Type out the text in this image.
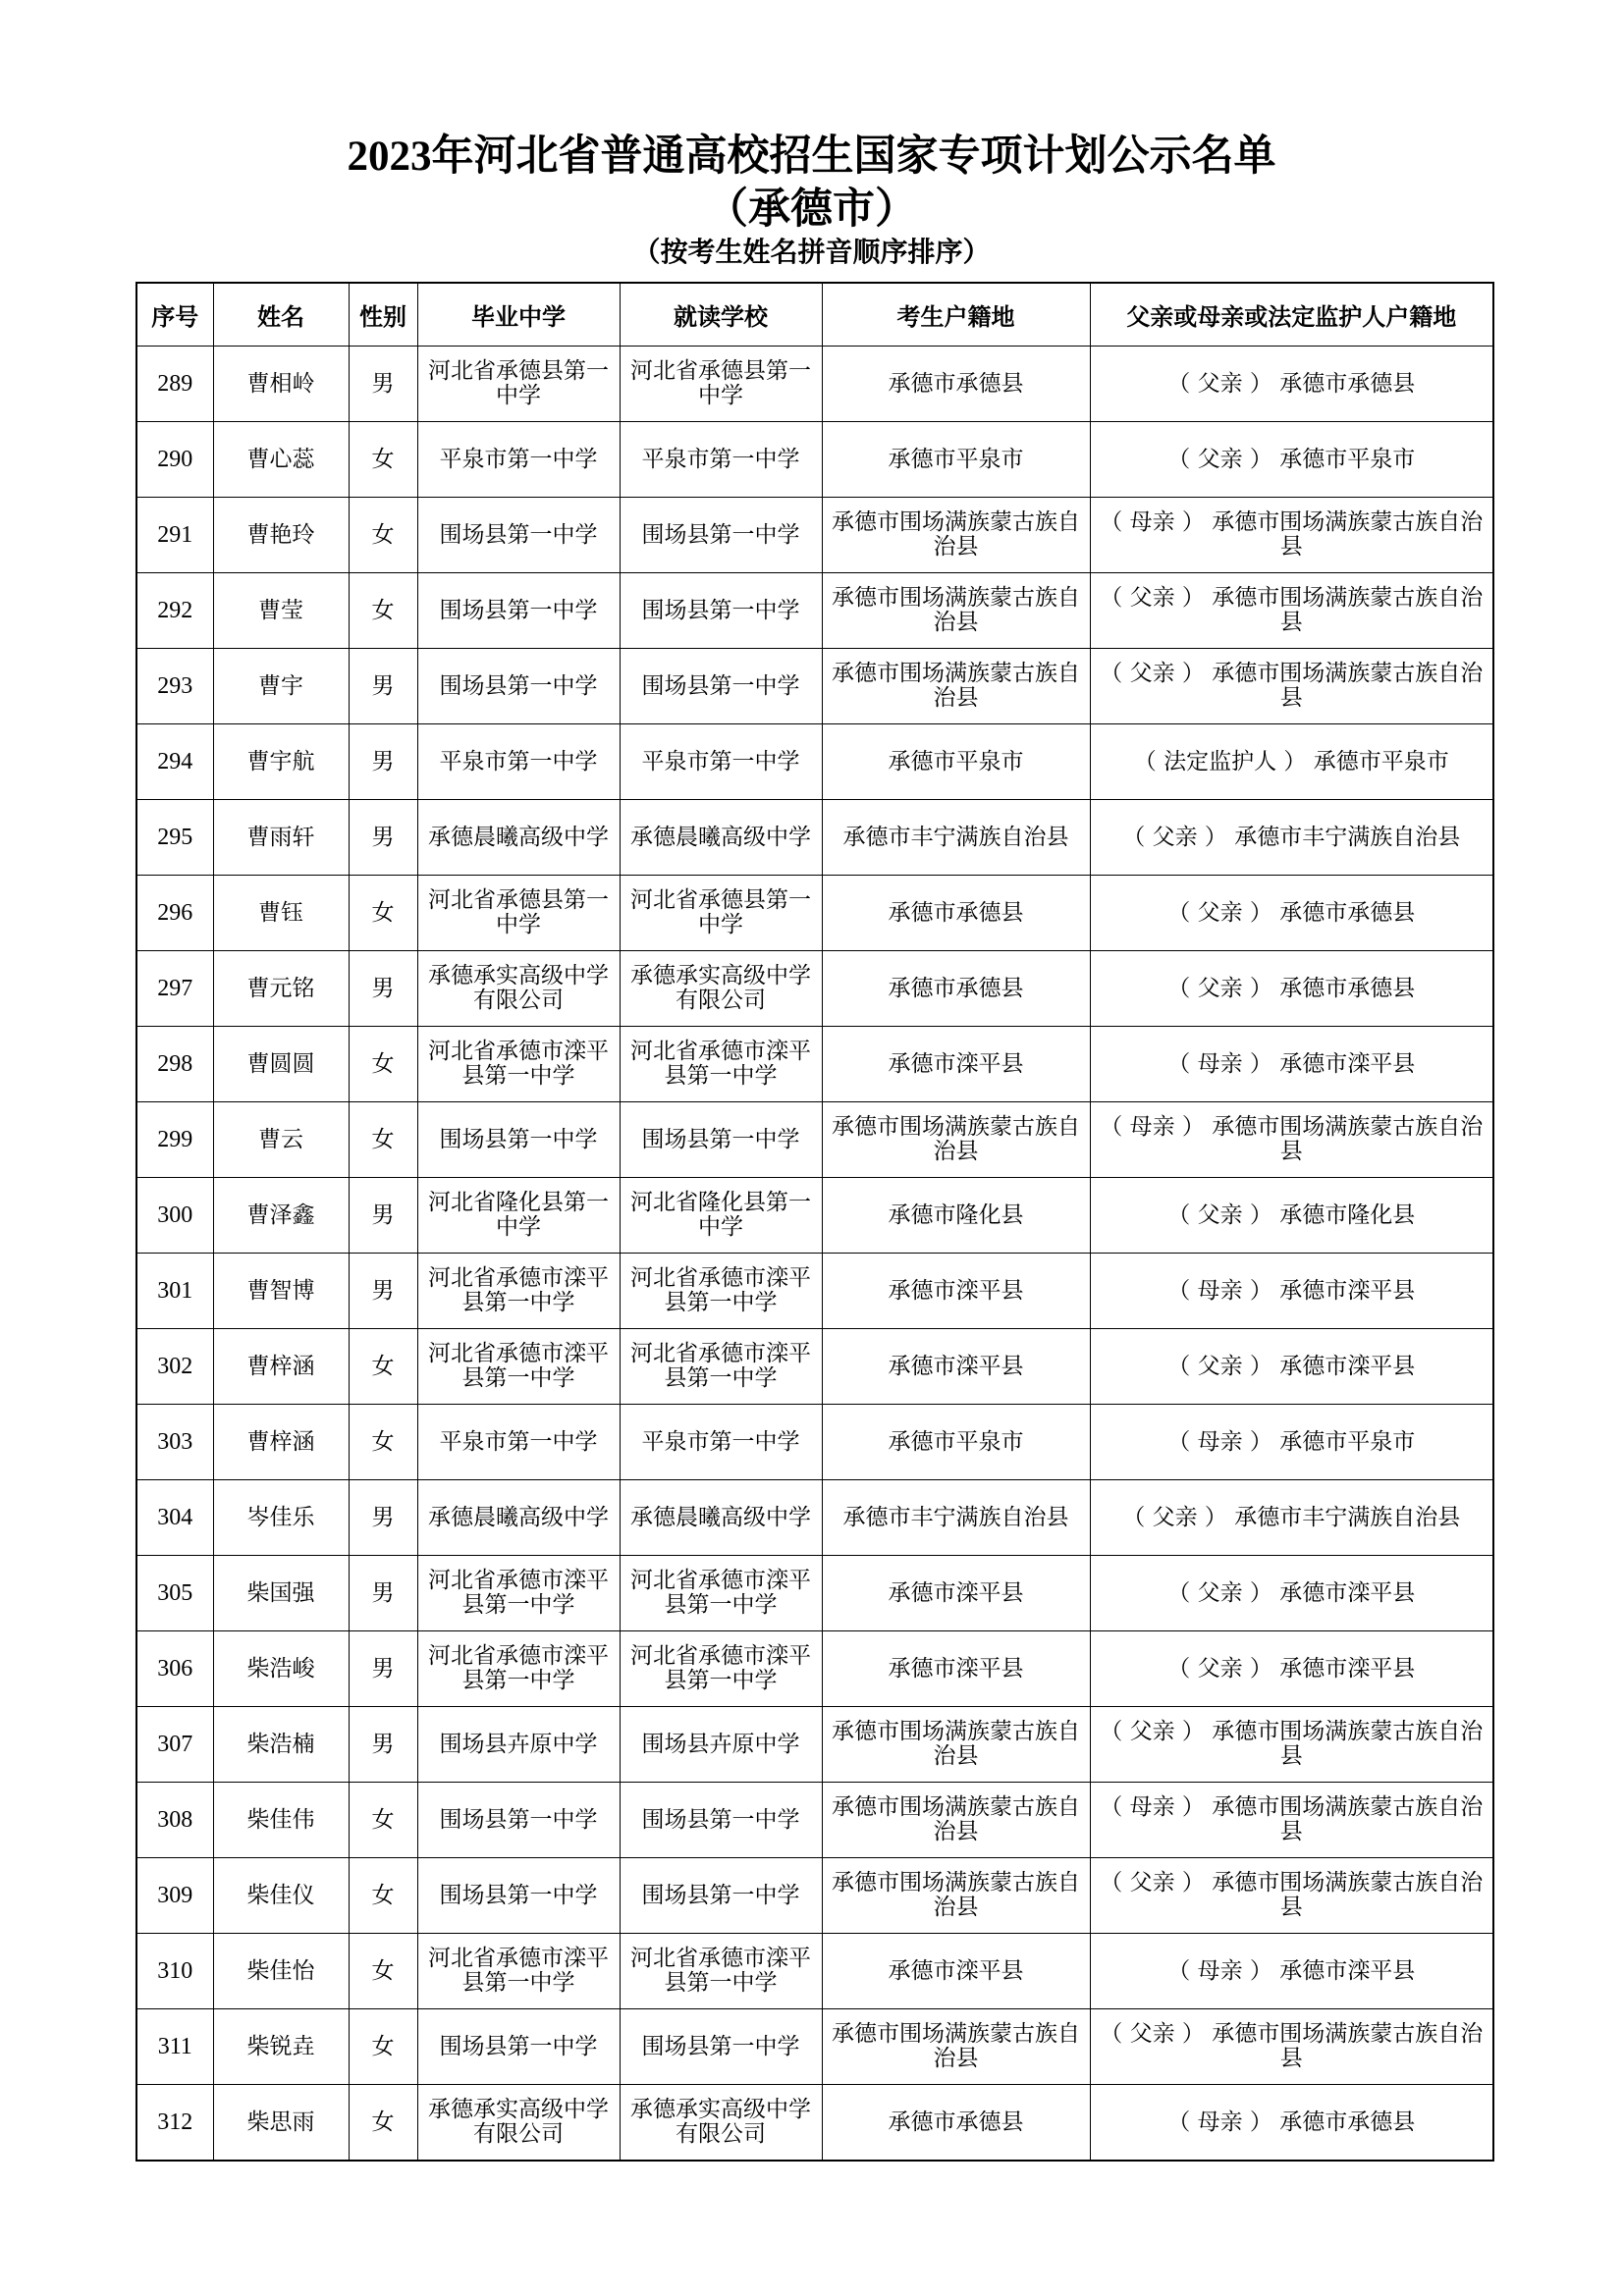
2023年河北省普通高校招生国家专项计划公示名单
（承德市）
（按考生姓名拼音顺序排序）
序号	姓名	性别	毕业中学	就读学校	考生户籍地	父亲或母亲或法定监护人户籍地
289	曹相岭	男	河北省承德县第一中学	河北省承德县第一中学	承德市承德县	（ 父亲 ） 承德市承德县
290	曹心蕊	女	平泉市第一中学	平泉市第一中学	承德市平泉市	（ 父亲 ） 承德市平泉市
291	曹艳玲	女	围场县第一中学	围场县第一中学	承德市围场满族蒙古族自治县	（ 母亲 ） 承德市围场满族蒙古族自治县
292	曹莹	女	围场县第一中学	围场县第一中学	承德市围场满族蒙古族自治县	（ 父亲 ） 承德市围场满族蒙古族自治县
293	曹宇	男	围场县第一中学	围场县第一中学	承德市围场满族蒙古族自治县	（ 父亲 ） 承德市围场满族蒙古族自治县
294	曹宇航	男	平泉市第一中学	平泉市第一中学	承德市平泉市	（ 法定监护人 ） 承德市平泉市
295	曹雨轩	男	承德晨曦高级中学	承德晨曦高级中学	承德市丰宁满族自治县	（ 父亲 ） 承德市丰宁满族自治县
296	曹钰	女	河北省承德县第一中学	河北省承德县第一中学	承德市承德县	（ 父亲 ） 承德市承德县
297	曹元铭	男	承德承实高级中学有限公司	承德承实高级中学有限公司	承德市承德县	（ 父亲 ） 承德市承德县
298	曹圆圆	女	河北省承德市滦平县第一中学	河北省承德市滦平县第一中学	承德市滦平县	（ 母亲 ） 承德市滦平县
299	曹云	女	围场县第一中学	围场县第一中学	承德市围场满族蒙古族自治县	（ 母亲 ） 承德市围场满族蒙古族自治县
300	曹泽鑫	男	河北省隆化县第一中学	河北省隆化县第一中学	承德市隆化县	（ 父亲 ） 承德市隆化县
301	曹智博	男	河北省承德市滦平县第一中学	河北省承德市滦平县第一中学	承德市滦平县	（ 母亲 ） 承德市滦平县
302	曹梓涵	女	河北省承德市滦平县第一中学	河北省承德市滦平县第一中学	承德市滦平县	（ 父亲 ） 承德市滦平县
303	曹梓涵	女	平泉市第一中学	平泉市第一中学	承德市平泉市	（ 母亲 ） 承德市平泉市
304	岑佳乐	男	承德晨曦高级中学	承德晨曦高级中学	承德市丰宁满族自治县	（ 父亲 ） 承德市丰宁满族自治县
305	柴国强	男	河北省承德市滦平县第一中学	河北省承德市滦平县第一中学	承德市滦平县	（ 父亲 ） 承德市滦平县
306	柴浩峻	男	河北省承德市滦平县第一中学	河北省承德市滦平县第一中学	承德市滦平县	（ 父亲 ） 承德市滦平县
307	柴浩楠	男	围场县卉原中学	围场县卉原中学	承德市围场满族蒙古族自治县	（ 父亲 ） 承德市围场满族蒙古族自治县
308	柴佳伟	女	围场县第一中学	围场县第一中学	承德市围场满族蒙古族自治县	（ 母亲 ） 承德市围场满族蒙古族自治县
309	柴佳仪	女	围场县第一中学	围场县第一中学	承德市围场满族蒙古族自治县	（ 父亲 ） 承德市围场满族蒙古族自治县
310	柴佳怡	女	河北省承德市滦平县第一中学	河北省承德市滦平县第一中学	承德市滦平县	（ 母亲 ） 承德市滦平县
311	柴锐垚	女	围场县第一中学	围场县第一中学	承德市围场满族蒙古族自治县	（ 父亲 ） 承德市围场满族蒙古族自治县
312	柴思雨	女	承德承实高级中学有限公司	承德承实高级中学有限公司	承德市承德县	（ 母亲 ） 承德市承德县
